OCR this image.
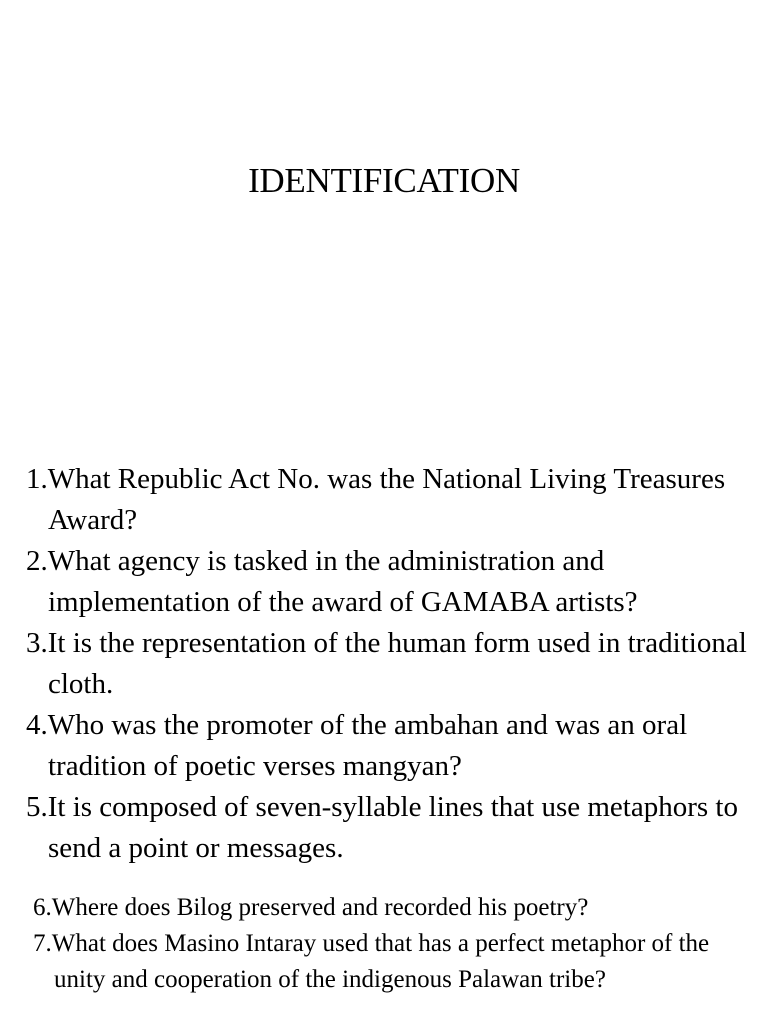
IDENTIFICATION
1.What Republic Act No. was the National Living Treasures Award?
2.What agency is tasked in the administration and implementation of the award of GAMABA artists?
3.It is the representation of the human form used in traditional cloth.
4.Who was the promoter of the ambahan and was an oral tradition of poetic verses mangyan?
5.It is composed of seven-syllable lines that use metaphors to send a point or messages.
6.Where does Bilog preserved and recorded his poetry?
7.What does Masino Intaray used that has a perfect metaphor of the unity and cooperation of the indigenous Palawan tribe?
